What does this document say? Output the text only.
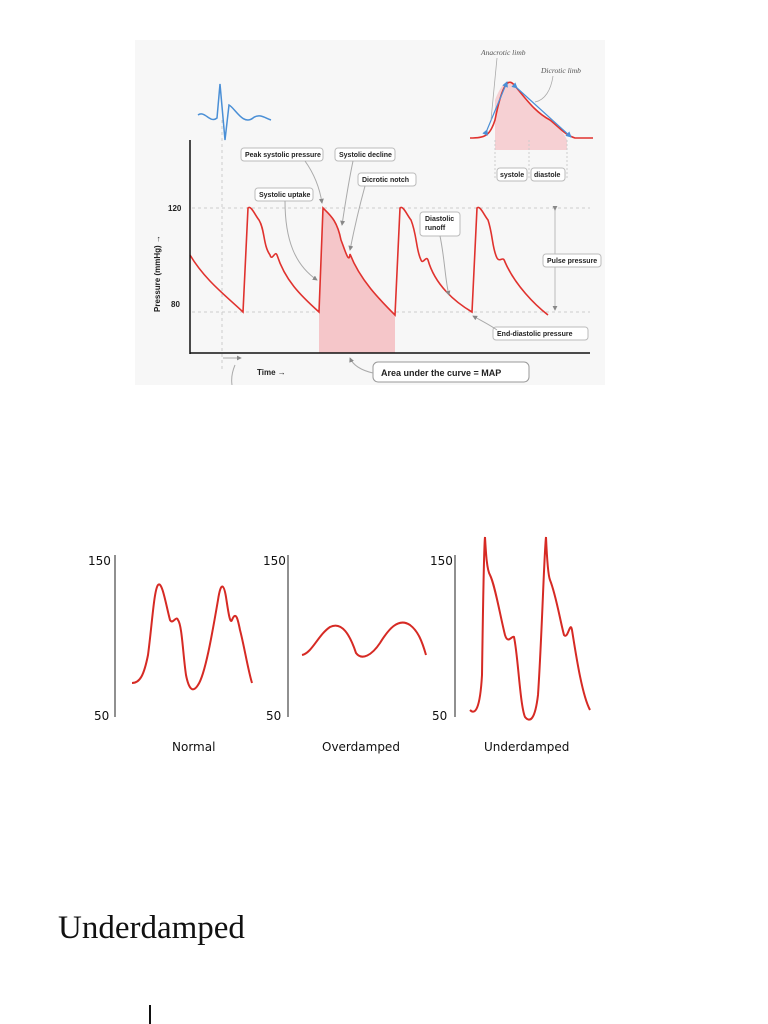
120
80
Pressure (mmHg) →
Time →
Peak systolic pressure	Systolic decline
Dicrotic notch
Systolic uptake
Diastolic runoff
Pulse pressure
End-diastolic pressure
Area under the curve = MAP
Anacrotic limb
Dicrotic limb
systole diastole
150
50
Normal
150
50
Overdamped
150
50
Underdamped
Underdamped
